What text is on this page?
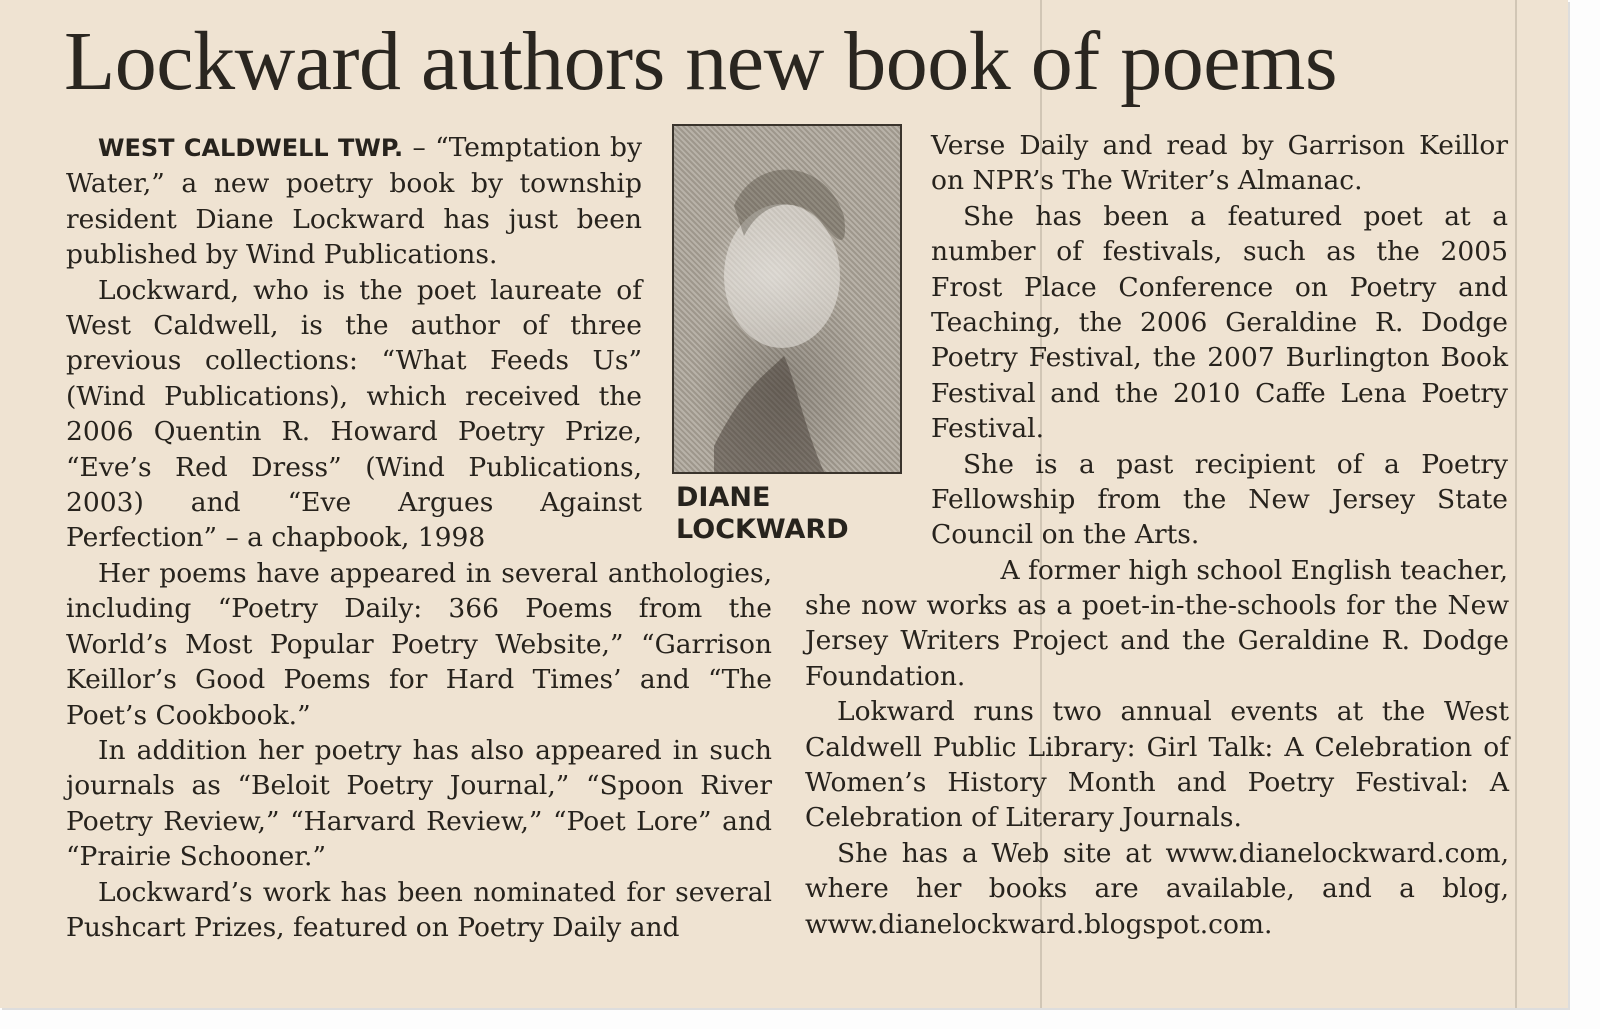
Lockward authors new book of poems

WEST CALDWELL TWP. – “Temptation by Water,” a new poetry book by township resident Diane Lockward has just been published by Wind Publications.

Lockward, who is the poet laureate of West Caldwell, is the author of three previous collections: “What Feeds Us” (Wind Publications), which received the 2006 Quentin R. Howard Poetry Prize, “Eve’s Red Dress” (Wind Publications, 2003) and “Eve Argues Against Perfection” – a chapbook, 1998

DIANE
LOCKWARD

Her poems have appeared in several anthologies, including “Poetry Daily: 366 Poems from the World’s Most Popular Poetry Website,” “Garrison Keillor’s Good Poems for Hard Times’ and “The Poet’s Cookbook.”

In addition her poetry has also appeared in such journals as “Beloit Poetry Journal,” “Spoon River Poetry Review,” “Harvard Review,” “Poet Lore” and “Prairie Schooner.”

Lockward’s work has been nominated for several Pushcart Prizes, featured on Poetry Daily and

Verse Daily and read by Garrison Keillor on NPR’s The Writer’s Almanac.

She has been a featured poet at a number of festivals, such as the 2005 Frost Place Conference on Poetry and Teaching, the 2006 Geraldine R. Dodge Poetry Festival, the 2007 Burlington Book Festival and the 2010 Caffe Lena Poetry Festival.

She is a past recipient of a Poetry Fellowship from the New Jersey State Council on the Arts.

A former high school English teacher,

she now works as a poet-in-the-schools for the New Jersey Writers Project and the Geraldine R. Dodge Foundation.

Lokward runs two annual events at the West Caldwell Public Library: Girl Talk: A Celebration of Women’s History Month and Poetry Festival: A Celebration of Literary Journals.

She has a Web site at www.dianelockward.com, where her books are available, and a blog, www.dianelockward.blogspot.com.
